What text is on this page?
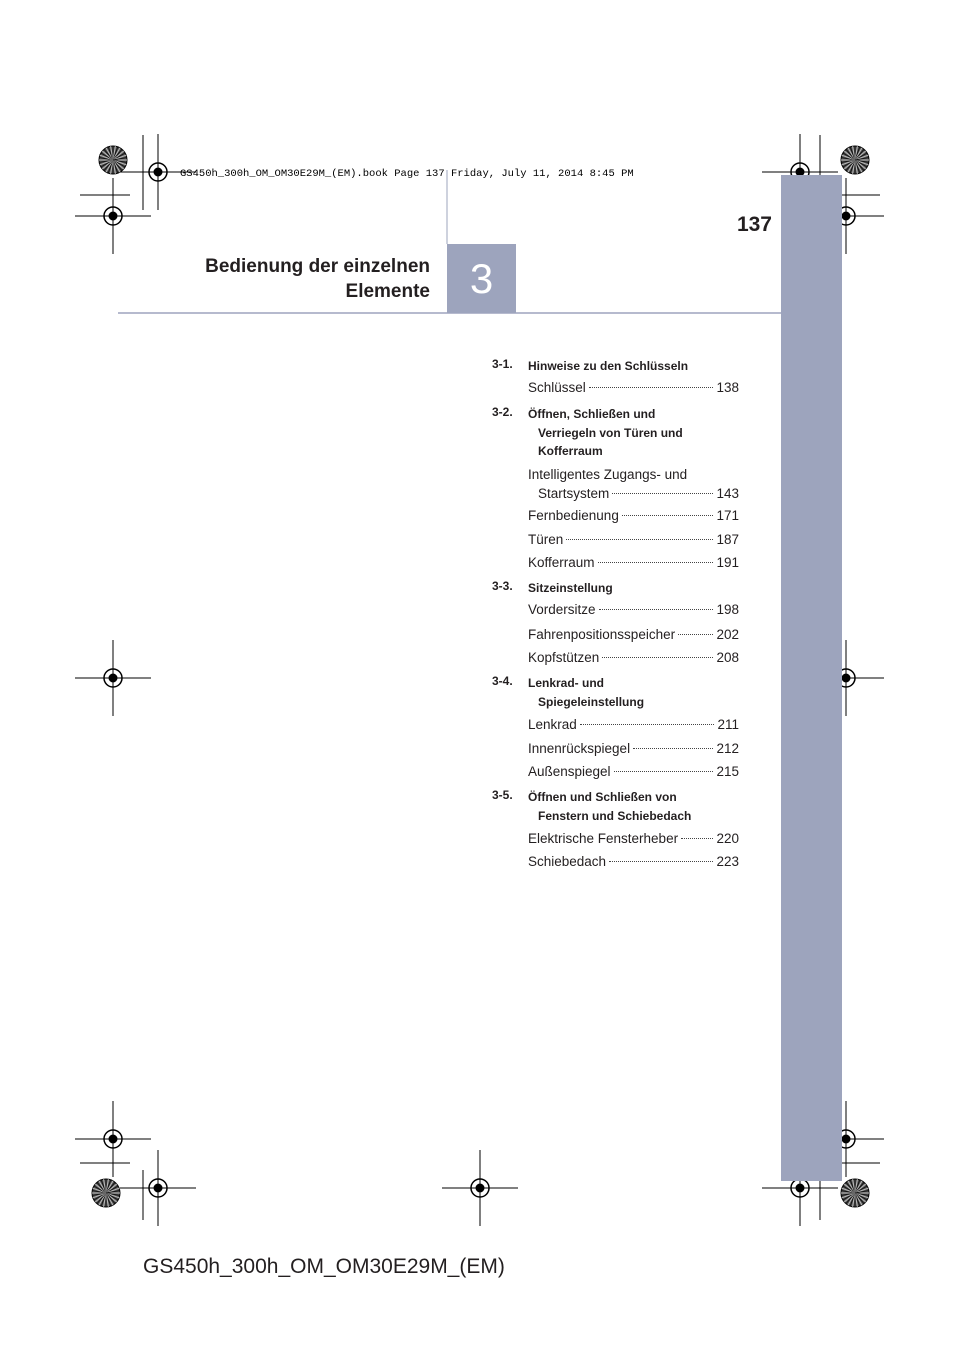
GS450h_300h_OM_OM30E29M_(EM).book Page 137 Friday, July 11, 2014 8:45 PM
137
Bedienung der einzelnen
Elemente 3
3-1. Hinweise zu den Schlüsseln
Schlüssel	138
3-2. Öffnen, Schließen und
Verriegeln von Türen und
Kofferraum
Intelligentes Zugangs- und
Startsystem	143
Fernbedienung	171
Türen	187
Kofferraum	191
3-3. Sitzeinstellung
Vordersitze	198
Fahrenpositionsspeicher	202
Kopfstützen	208
3-4. Lenkrad- und
Spiegeleinstellung
Lenkrad	211
Innenrückspiegel	212
Außenspiegel	215
3-5. Öffnen und Schließen von
Fenstern und Schiebedach
Elektrische Fensterheber	220
Schiebedach	223
GS450h_300h_OM_OM30E29M_(EM)
